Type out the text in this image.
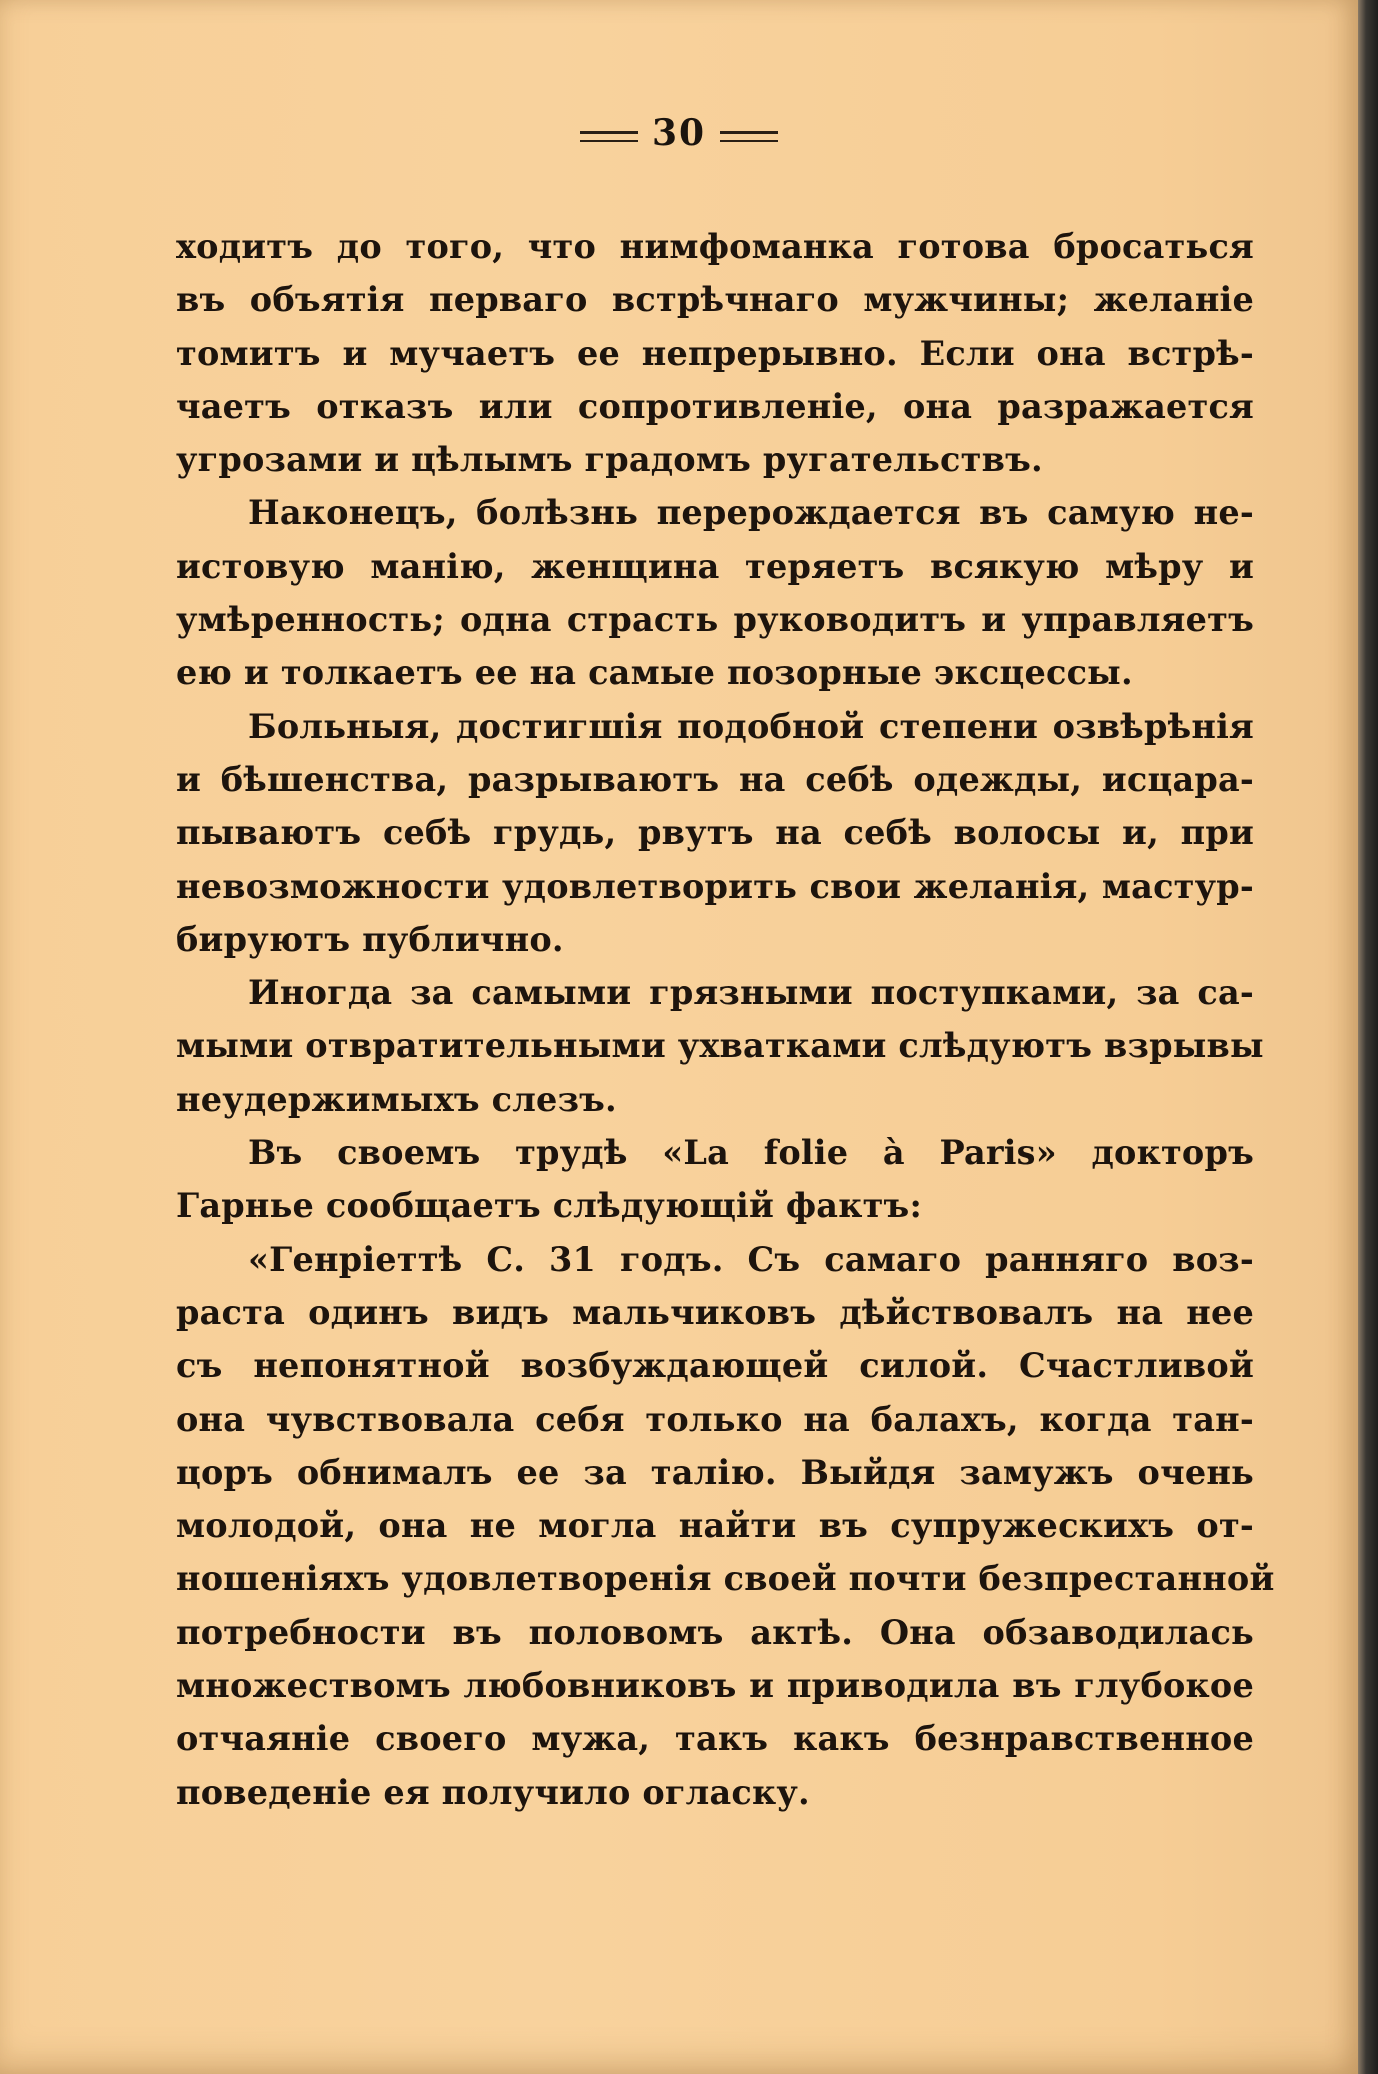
30
ходитъ до того, что нимфоманка готова бросаться
въ объятія перваго встрѣчнаго мужчины; желаніе
томитъ и мучаетъ ее непрерывно. Если она встрѣ-
чаетъ отказъ или сопротивленіе, она разражается
угрозами и цѣлымъ градомъ ругательствъ.
Наконецъ, болѣзнь перерождается въ самую не-
истовую манію, женщина теряетъ всякую мѣру и
умѣренность; одна страсть руководитъ и управляетъ
ею и толкаетъ ее на самые позорные эксцессы.
Больныя, достигшія подобной степени озвѣрѣнія
и бѣшенства, разрываютъ на себѣ одежды, исцара-
пываютъ себѣ грудь, рвутъ на себѣ волосы и, при
невозможности удовлетворить свои желанія, мастур-
бируютъ публично.
Иногда за самыми грязными поступками, за са-
мыми отвратительными ухватками слѣдуютъ взрывы
неудержимыхъ слезъ.
Въ своемъ трудѣ «La folie à Paris» докторъ
Гарнье сообщаетъ слѣдующій фактъ:
«Генріеттѣ С. 31 годъ. Съ самаго ранняго воз-
раста одинъ видъ мальчиковъ дѣйствовалъ на нее
съ непонятной возбуждающей силой. Счастливой
она чувствовала себя только на балахъ, когда тан-
цоръ обнималъ ее за талію. Выйдя замужъ очень
молодой, она не могла найти въ супружескихъ от-
ношеніяхъ удовлетворенія своей почти безпрестанной
потребности въ половомъ актѣ. Она обзаводилась
множествомъ любовниковъ и приводила въ глубокое
отчаяніе своего мужа, такъ какъ безнравственное
поведеніе ея получило огласку.
